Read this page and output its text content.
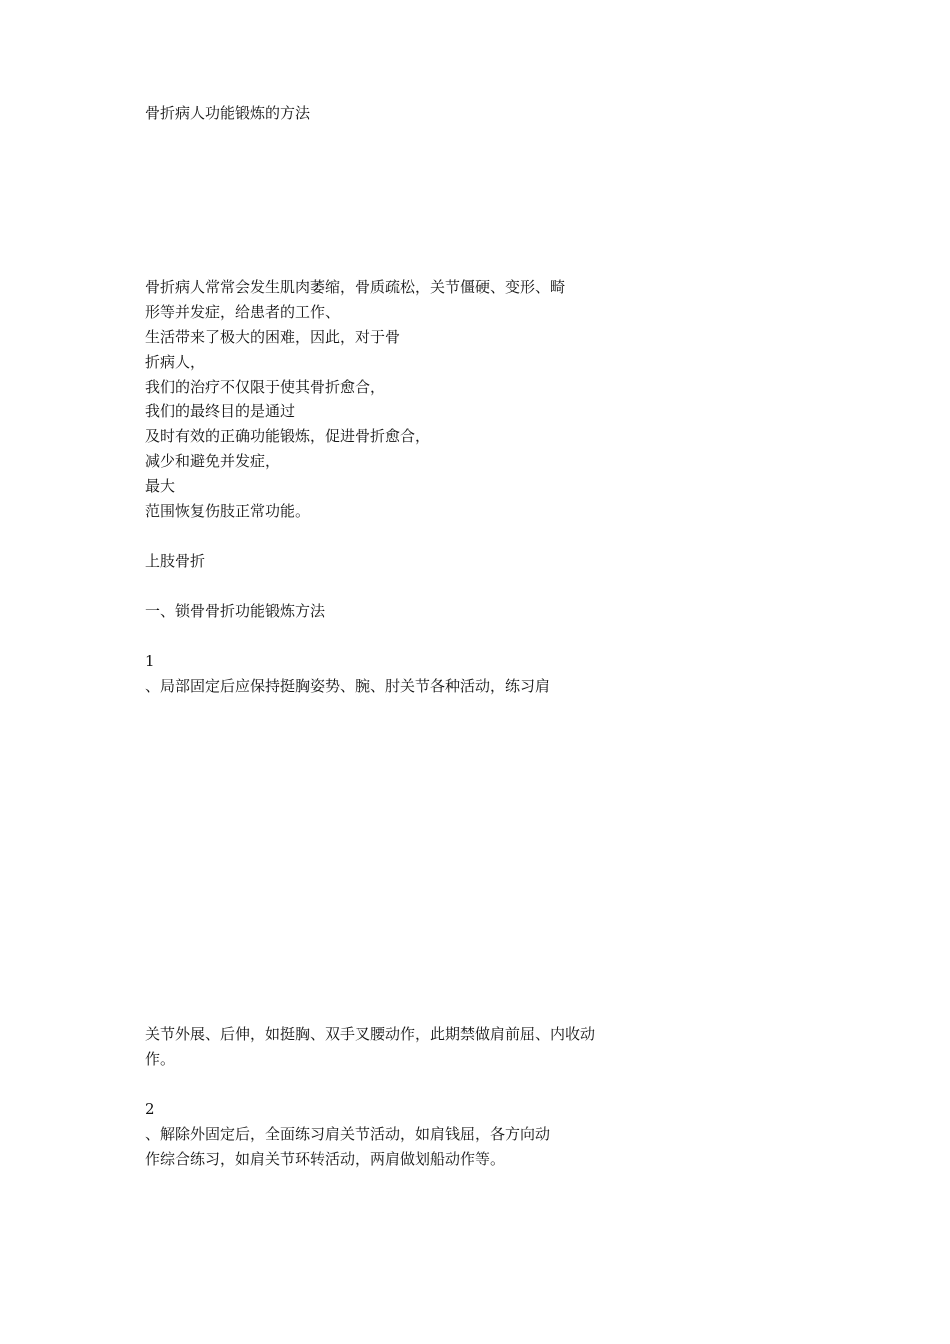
骨折病人功能锻炼的方法
骨折病人常常会发生肌肉萎缩，骨质疏松，关节僵硬、变形、畸
形等并发症，给患者的工作、
生活带来了极大的困难，因此，对于骨
折病人，
我们的治疗不仅限于使其骨折愈合，
我们的最终目的是通过
及时有效的正确功能锻炼，促进骨折愈合，
减少和避免并发症，
最大
范围恢复伤肢正常功能。
上肢骨折
一、锁骨骨折功能锻炼方法
1
、局部固定后应保持挺胸姿势、腕、肘关节各种活动，练习肩
关节外展、后伸，如挺胸、双手叉腰动作，此期禁做肩前屈、内收动
作。
2
、解除外固定后，全面练习肩关节活动，如肩钱屈，各方向动
作综合练习，如肩关节环转活动，两肩做划船动作等。
